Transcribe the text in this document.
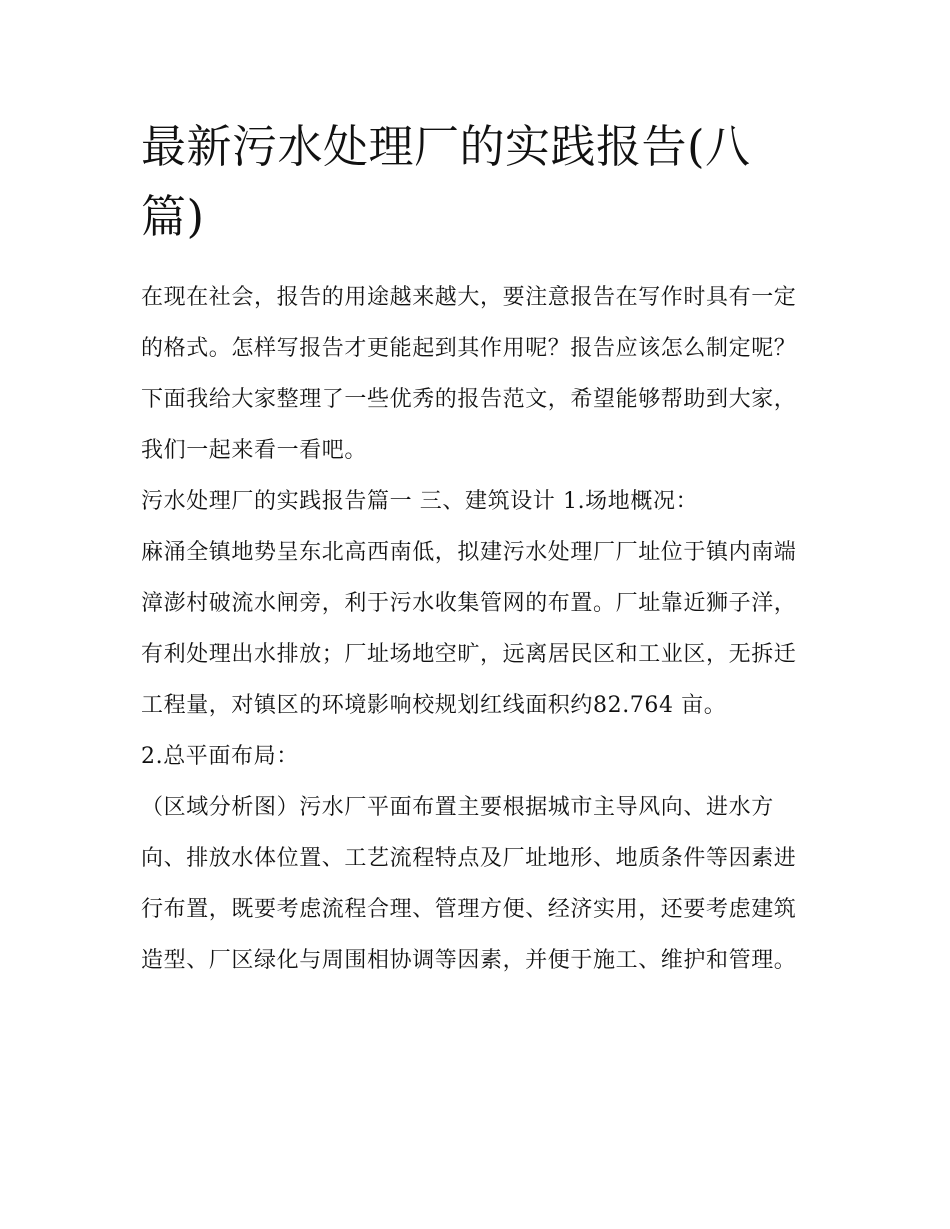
最新污水处理厂的实践报告(八篇)

在现在社会，报告的用途越来越大，要注意报告在写作时具有一定的格式。怎样写报告才更能起到其作用呢？报告应该怎么制定呢？下面我给大家整理了一些优秀的报告范文，希望能够帮助到大家，我们一起来看一看吧。

污水处理厂的实践报告篇一 三、建筑设计 1.场地概况：

麻涌全镇地势呈东北高西南低，拟建污水处理厂厂址位于镇内南端漳澎村破流水闸旁，利于污水收集管网的布置。厂址靠近狮子洋，有利处理出水排放；厂址场地空旷，远离居民区和工业区，无拆迁工程量，对镇区的环境影响校规划红线面积约82.764 亩。

2.总平面布局：

（区域分析图）污水厂平面布置主要根据城市主导风向、进水方向、排放水体位置、工艺流程特点及厂址地形、地质条件等因素进行布置，既要考虑流程合理、管理方便、经济实用，还要考虑建筑造型、厂区绿化与周围相协调等因素，并便于施工、维护和管理。
